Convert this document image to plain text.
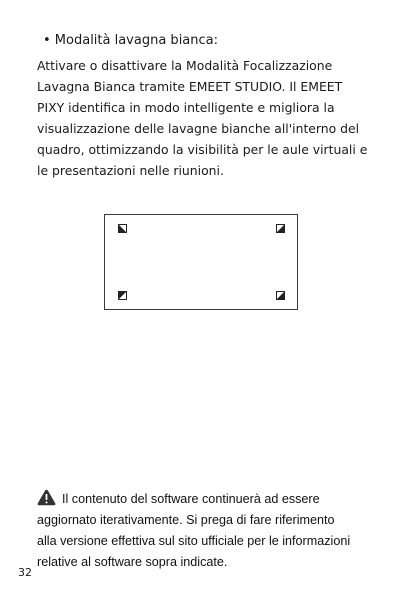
• Modalità lavagna bianca:
Attivare o disattivare la Modalità Focalizzazione
Lavagna Bianca tramite EMEET STUDIO. Il EMEET
PIXY identifica in modo intelligente e migliora la
visualizzazione delle lavagne bianche all'interno del
quadro, ottimizzando la visibilità per le aule virtuali e
le presentazioni nelle riunioni.
Il contenuto del software continuerà ad essere
aggiornato iterativamente. Si prega di fare riferimento
alla versione effettiva sul sito ufficiale per le informazioni
relative al software sopra indicate.
32
